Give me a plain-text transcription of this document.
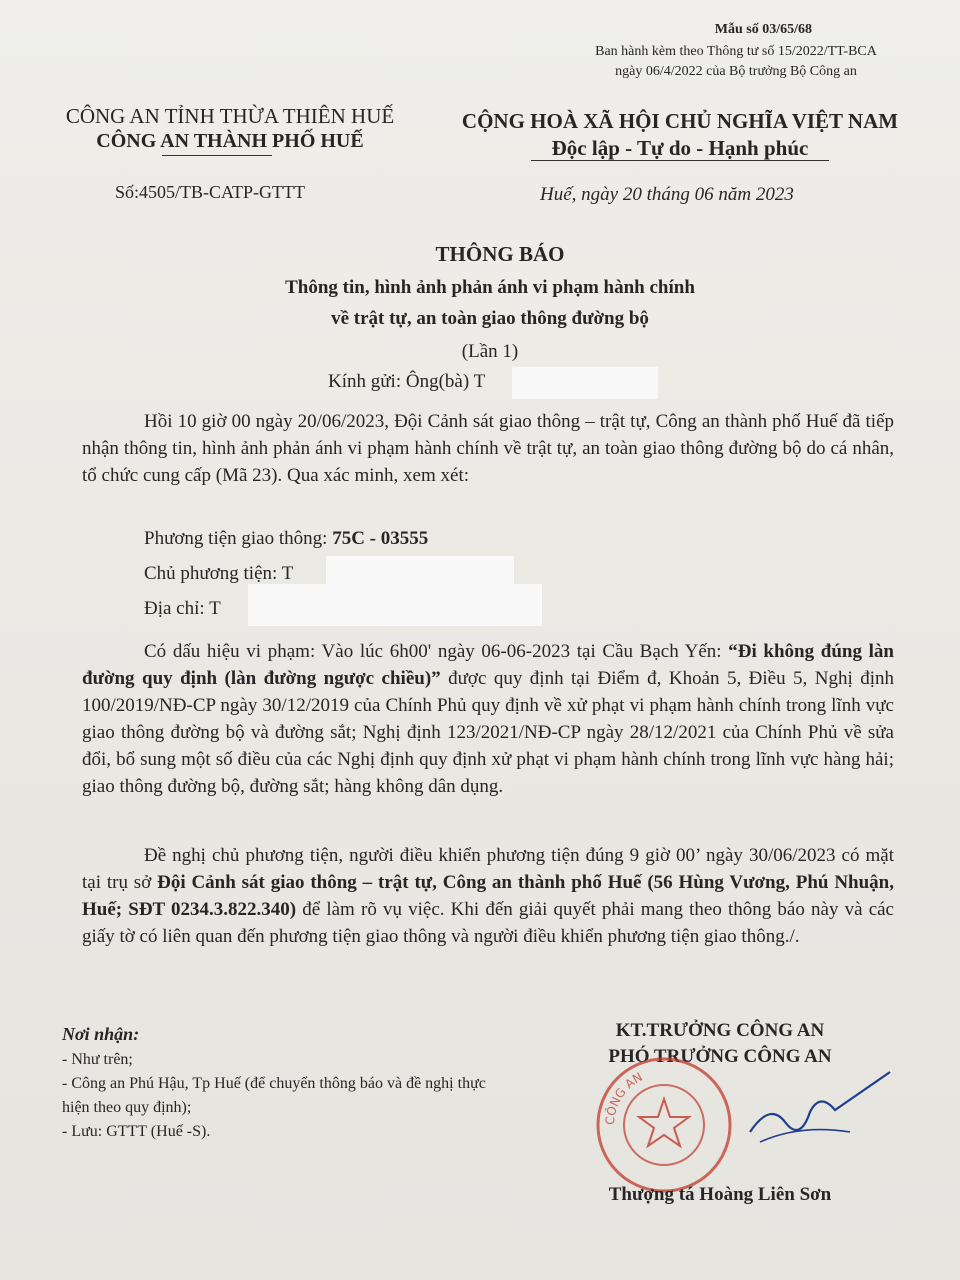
Mẫu số 03/65/68
Ban hành kèm theo Thông tư số 15/2022/TT-BCA
ngày 06/4/2022 của Bộ trưởng Bộ Công an
CÔNG AN TỈNH THỪA THIÊN HUẾ
CÔNG AN THÀNH PHỐ HUẾ
Số:4505/TB-CATP-GTTT
CỘNG HOÀ XÃ HỘI CHỦ NGHĨA VIỆT NAM
Độc lập - Tự do - Hạnh phúc
Huế, ngày 20 tháng 06 năm 2023
THÔNG BÁO
Thông tin, hình ảnh phản ánh vi phạm hành chính
về trật tự, an toàn giao thông đường bộ
(Lần 1)
Kính gửi: Ông(bà) T
Hồi 10 giờ 00 ngày 20/06/2023, Đội Cảnh sát giao thông – trật tự, Công an thành phố Huế đã tiếp nhận thông tin, hình ảnh phản ánh vi phạm hành chính về trật tự, an toàn giao thông đường bộ do cá nhân, tổ chức cung cấp (Mã 23). Qua xác minh, xem xét:
Phương tiện giao thông: 75C - 03555
Chủ phương tiện: T
Địa chỉ: T
Có dấu hiệu vi phạm: Vào lúc 6h00' ngày 06-06-2023 tại Cầu Bạch Yến: “Đi không đúng làn đường quy định (làn đường ngược chiều)” được quy định tại Điểm đ, Khoản 5, Điều 5, Nghị định 100/2019/NĐ-CP ngày 30/12/2019 của Chính Phủ quy định về xử phạt vi phạm hành chính trong lĩnh vực giao thông đường bộ và đường sắt; Nghị định 123/2021/NĐ-CP ngày 28/12/2021 của Chính Phủ về sửa đổi, bổ sung một số điều của các Nghị định quy định xử phạt vi phạm hành chính trong lĩnh vực hàng hải; giao thông đường bộ, đường sắt; hàng không dân dụng.
Đề nghị chủ phương tiện, người điều khiển phương tiện đúng 9 giờ 00’ ngày 30/06/2023 có mặt tại trụ sở Đội Cảnh sát giao thông – trật tự, Công an thành phố Huế (56 Hùng Vương, Phú Nhuận, Huế; SĐT 0234.3.822.340) để làm rõ vụ việc. Khi đến giải quyết phải mang theo thông báo này và các giấy tờ có liên quan đến phương tiện giao thông và người điều khiển phương tiện giao thông./.
Nơi nhận:
- Như trên;
- Công an Phú Hậu, Tp Huế (để chuyển thông báo và đề nghị thực hiện theo quy định);
- Lưu: GTTT (Huế -S).
KT.TRƯỞNG CÔNG AN
PHÓ TRƯỞNG CÔNG AN
CÔNG AN
Thượng tá Hoàng Liên Sơn
